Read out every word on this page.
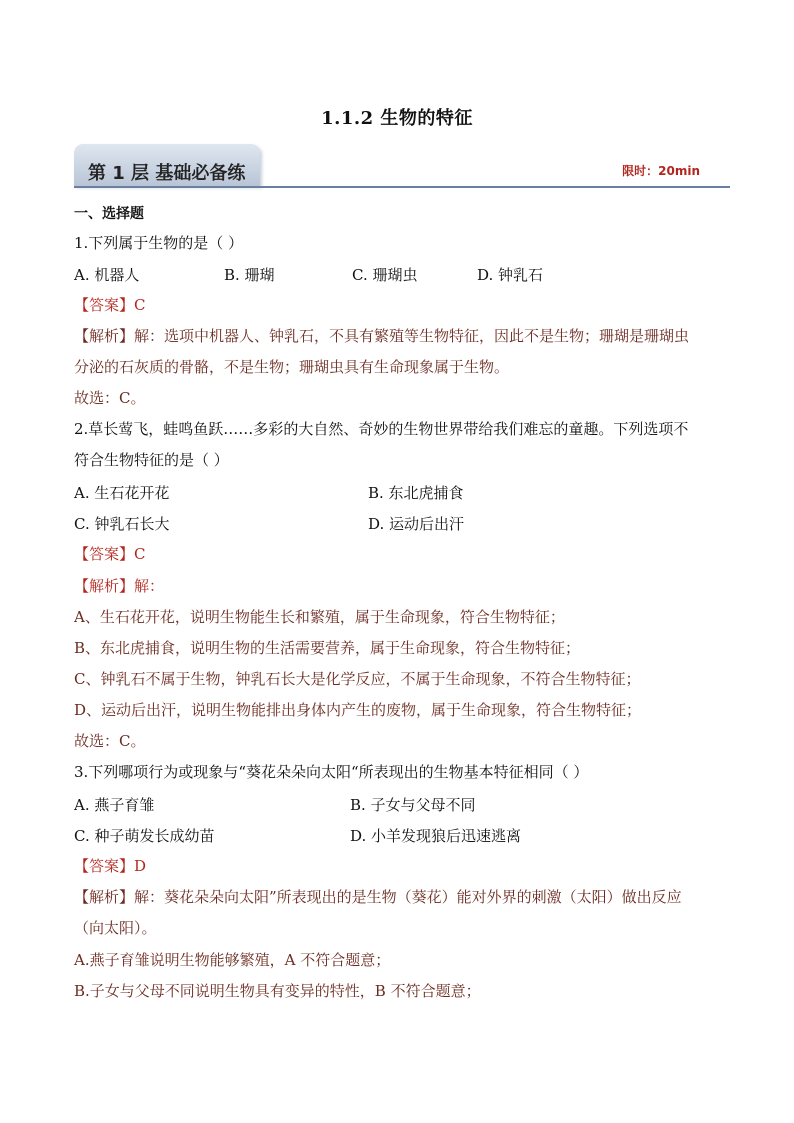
1.1.2 生物的特征
第 1 层 基础必备练	限时：20min
一、选择题
1.下列属于生物的是（ ）
A. 机器人	B. 珊瑚	C. 珊瑚虫	D. 钟乳石
【答案】C
【解析】解：选项中机器人、钟乳石，不具有繁殖等生物特征，因此不是生物；珊瑚是珊瑚虫
分泌的石灰质的骨骼，不是生物；珊瑚虫具有生命现象属于生物。
故选：C。
2.草长莺飞，蛙鸣鱼跃……多彩的大自然、奇妙的生物世界带给我们难忘的童趣。下列选项不
符合生物特征的是（ ）
A. 生石花开花	B. 东北虎捕食
C. 钟乳石长大	D. 运动后出汗
【答案】C
【解析】解：
A、生石花开花，说明生物能生长和繁殖，属于生命现象，符合生物特征；
B、东北虎捕食，说明生物的生活需要营养，属于生命现象，符合生物特征；
C、钟乳石不属于生物，钟乳石长大是化学反应，不属于生命现象，不符合生物特征；
D、运动后出汗，说明生物能排出身体内产生的废物，属于生命现象，符合生物特征；
故选：C。
3.下列哪项行为或现象与“葵花朵朵向太阳“所表现出的生物基本特征相同（ ）
A. 燕子育雏	B. 子女与父母不同
C. 种子萌发长成幼苗	D. 小羊发现狼后迅速逃离
【答案】D
【解析】解：葵花朵朵向太阳”所表现出的是生物（葵花）能对外界的刺激（太阳）做出反应
（向太阳）。
A.燕子育雏说明生物能够繁殖，A 不符合题意；
B.子女与父母不同说明生物具有变异的特性，B 不符合题意；
